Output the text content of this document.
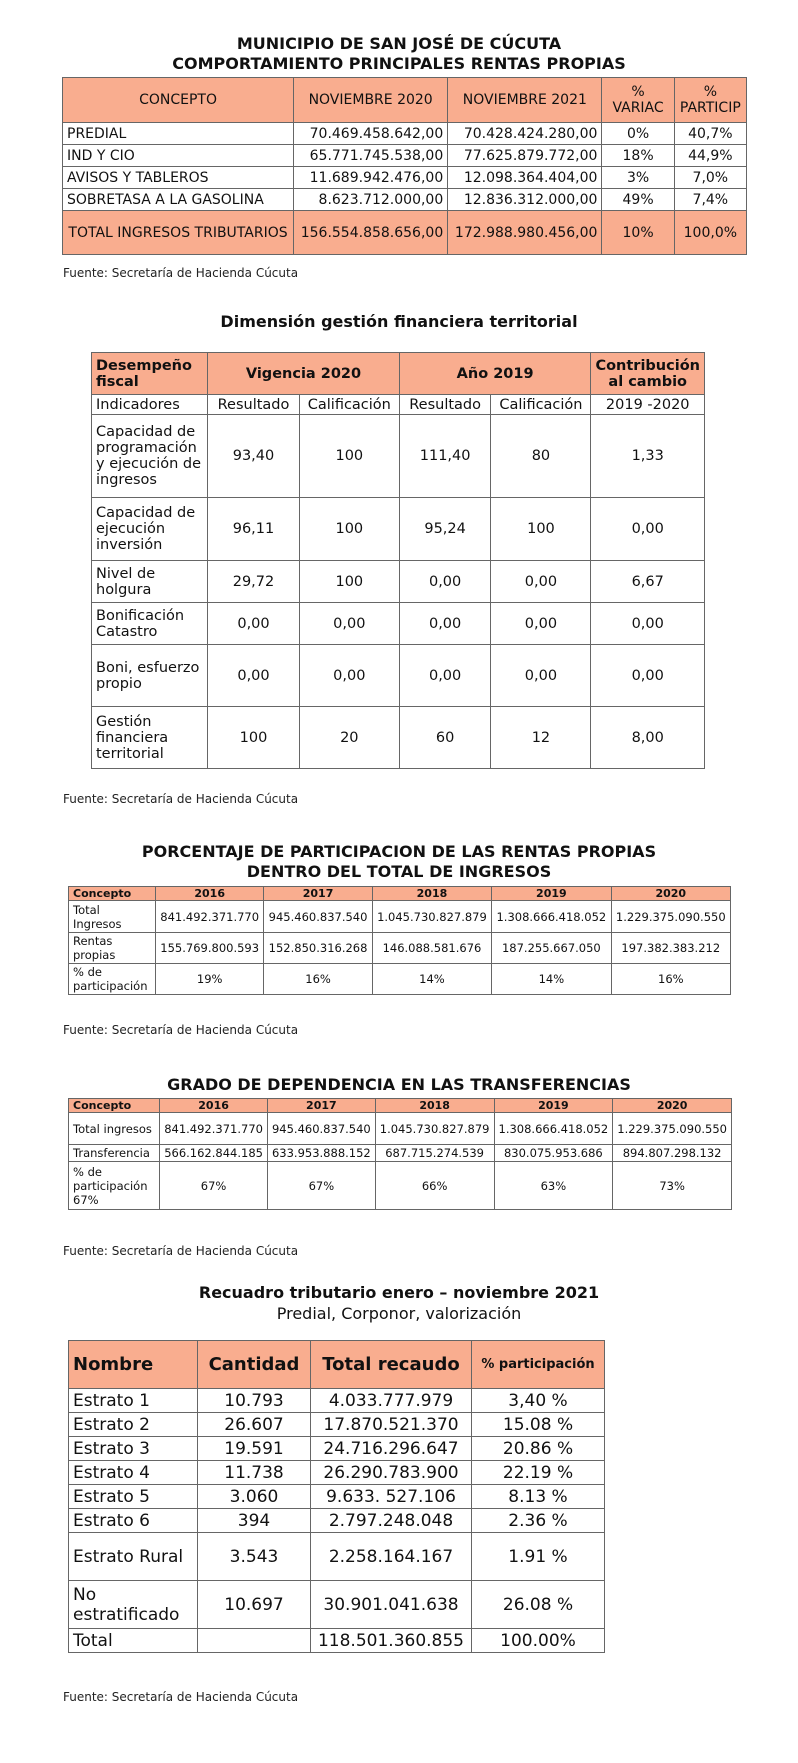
MUNICIPIO DE SAN JOSÉ DE CÚCUTA
COMPORTAMIENTO PRINCIPALES RENTAS PROPIAS
CONCEPTO	NOVIEMBRE 2020	NOVIEMBRE 2021	% VARIAC	% PARTICIP
PREDIAL	70.469.458.642,00	70.428.424.280,00	0%	40,7%
IND Y CIO	65.771.745.538,00	77.625.879.772,00	18%	44,9%
AVISOS Y TABLEROS	11.689.942.476,00	12.098.364.404,00	3%	7,0%
SOBRETASA A LA GASOLINA	8.623.712.000,00	12.836.312.000,00	49%	7,4%
TOTAL INGRESOS TRIBUTARIOS	156.554.858.656,00	172.988.980.456,00	10%	100,0%
Fuente: Secretaría de Hacienda Cúcuta
Dimensión gestión financiera territorial
Desempeño fiscal	Vigencia 2020		Año 2019		Contribución al cambio
Indicadores	Resultado	Calificación	Resultado	Calificación	2019 -2020
Capacidad de programación y ejecución de ingresos	93,40	100	111,40	80	1,33
Capacidad de ejecución inversión	96,11	100	95,24	100	0,00
Nivel de holgura	29,72	100	0,00	0,00	6,67
Bonificación Catastro	0,00	0,00	0,00	0,00	0,00
Boni, esfuerzo propio	0,00	0,00	0,00	0,00	0,00
Gestión financiera territorial	100	20	60	12	8,00
Fuente: Secretaría de Hacienda Cúcuta
PORCENTAJE DE PARTICIPACION DE LAS RENTAS PROPIAS
DENTRO DEL TOTAL DE INGRESOS
Concepto	2016	2017	2018	2019	2020
Total Ingresos	841.492.371.770	945.460.837.540	1.045.730.827.879	1.308.666.418.052	1.229.375.090.550
Rentas propias	155.769.800.593	152.850.316.268	146.088.581.676	187.255.667.050	197.382.383.212
% de participación	19%	16%	14%	14%	16%
Fuente: Secretaría de Hacienda Cúcuta
GRADO DE DEPENDENCIA EN LAS TRANSFERENCIAS
Concepto	2016	2017	2018	2019	2020
Total ingresos	841.492.371.770	945.460.837.540	1.045.730.827.879	1.308.666.418.052	1.229.375.090.550
Transferencia	566.162.844.185	633.953.888.152	687.715.274.539	830.075.953.686	894.807.298.132
% de participación 67%	67%	67%	66%	63%	73%
Fuente: Secretaría de Hacienda Cúcuta
Recuadro tributario enero – noviembre 2021
Predial, Corponor, valorización
Nombre	Cantidad	Total recaudo	% participación
Estrato 1	10.793	4.033.777.979	3,40 %
Estrato 2	26.607	17.870.521.370	15.08 %
Estrato 3	19.591	24.716.296.647	20.86 %
Estrato 4	11.738	26.290.783.900	22.19 %
Estrato 5	3.060	9.633. 527.106	8.13 %
Estrato 6	394	2.797.248.048	2.36 %
Estrato Rural	3.543	2.258.164.167	1.91 %
No estratificado	10.697	30.901.041.638	26.08 %
Total		118.501.360.855	100.00%
Fuente: Secretaría de Hacienda Cúcuta
